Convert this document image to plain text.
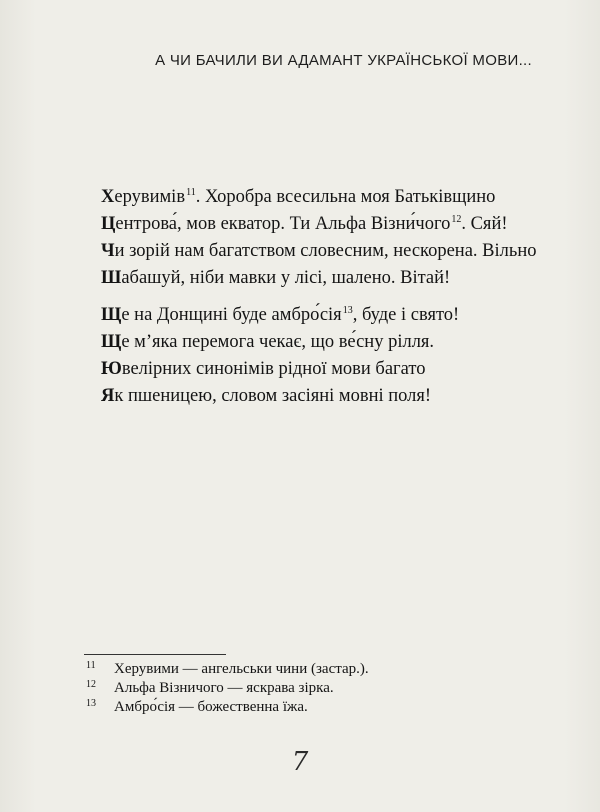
А ЧИ БАЧИЛИ ВИ АДАМАНТ УКРАЇНСЬКОЇ МОВИ...
Херувимів$^{11}$. Хоробра всесильна моя Батьківщино
Центрова́, мов екватор. Ти Альфа Візни́чого$^{12}$. Сяй!
Чи зорій нам багатством словесним, нескорена. Вільно
Шабашуй, ніби мавки у лісі, шалено. Вітай!
Ще на Донщині буде амбро́сія$^{13}$, буде і свято!
Ще м’яка перемога чекає, що ве́сну рілля.
Ювелірних синонімів рідної мови багато
Як пшеницею, словом засіяні мовні поля!
11	Херувими — ангельськи чини (застар.).
12	Альфа Візничого — яскрава зірка.
13	Амбро́сія — божественна їжа.
7
